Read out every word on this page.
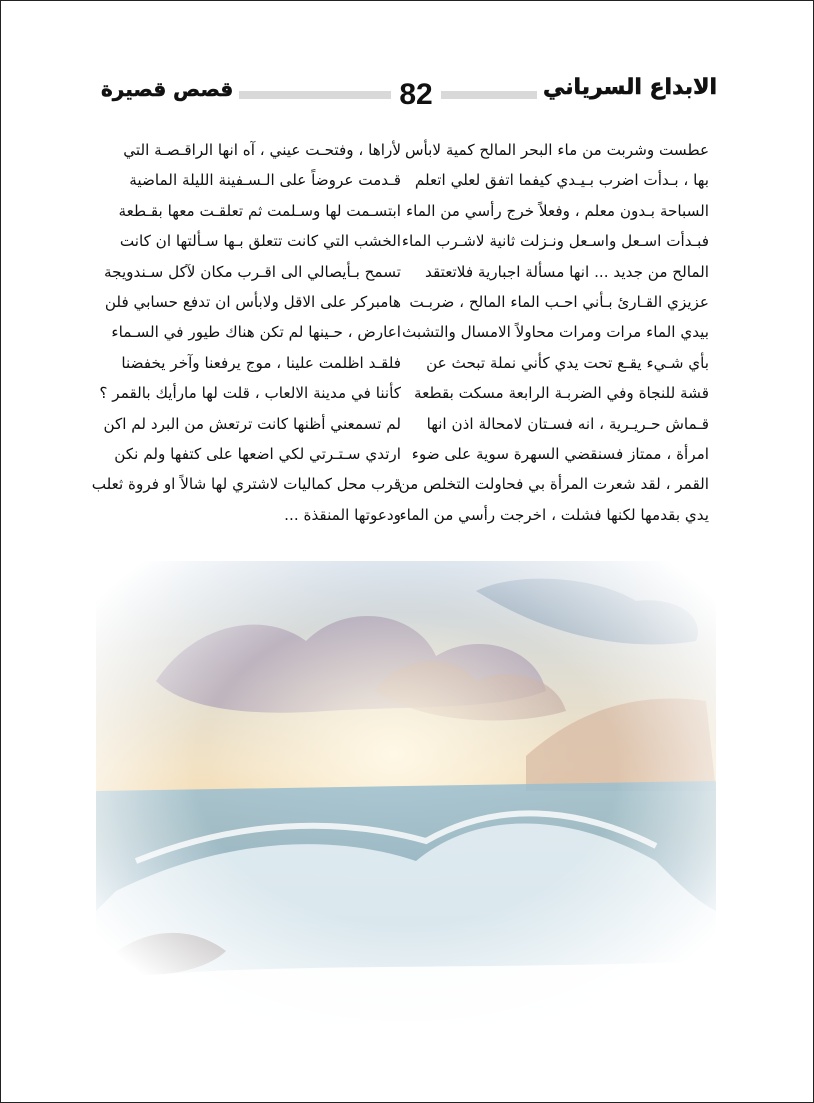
الابداع السرياني
82
قصص قصيرة

عطست وشربت من ماء البحر المالح كمية لابأس

بها ، بـدأت اضرب بـيـدي كيفما اتفق لعلي اتعلم

السباحة بـدون معلم ، وفعلاً خرج رأسي من الماء

فبـدأت اسـعل واسـعل ونـزلت ثانية لاشـرب الماء

المالح من جديد ... انها مسألة اجبارية فلاتعتقد

عزيزي القـارئ بـأني احـب الماء المالح ، ضربـت

بيدي الماء مرات ومرات محاولاً الامسال والتشبث

بأي شـيء يقـع تحت يدي كأني نملة تبحث عن

قشة للنجاة وفي الضربـة الرابعة مسكت بقطعة

قـماش حـريـرية ، انه فسـتان لامحالة اذن انها

امرأة ، ممتاز فسنقضي السهرة سوية على ضوء

القمر ، لقد شعرت المرأة بي فحاولت التخلص من

يدي بقدمها لكنها فشلت ، اخرجت رأسي من الماء

لأراها ، وفتحـت عيني ، آه انها الراقـصـة التي

قـدمت عروضاً على الـسـفينة الليلة الماضية

ابتسـمت لها وسـلمت ثم تعلقـت معها بقـطعة

الخشب التي كانت تتعلق بـها سـألتها ان كانت

تسمح بـأيصالي الى اقـرب مكان لآكل سـندويجة

هامبركر على الاقل ولابأس ان تدفع حسابي فلن

اعارض ، حـينها لم تكن هناك طيور في السـماء

فلقـد اظلمت علينا ، موج يرفعنا وآخر يخفضنا

كأننا في مدينة الالعاب ، قلت لها مارأيك بالقمر ؟

لم تسمعني أظنها كانت ترتعش من البرد لم اكن

ارتدي سـتـرتي لكي اضعها على كتفها ولم نكن

قرب محل كماليات لاشتري لها شالاً او فروة ثعلب

ودعوتها المنقذة ...
